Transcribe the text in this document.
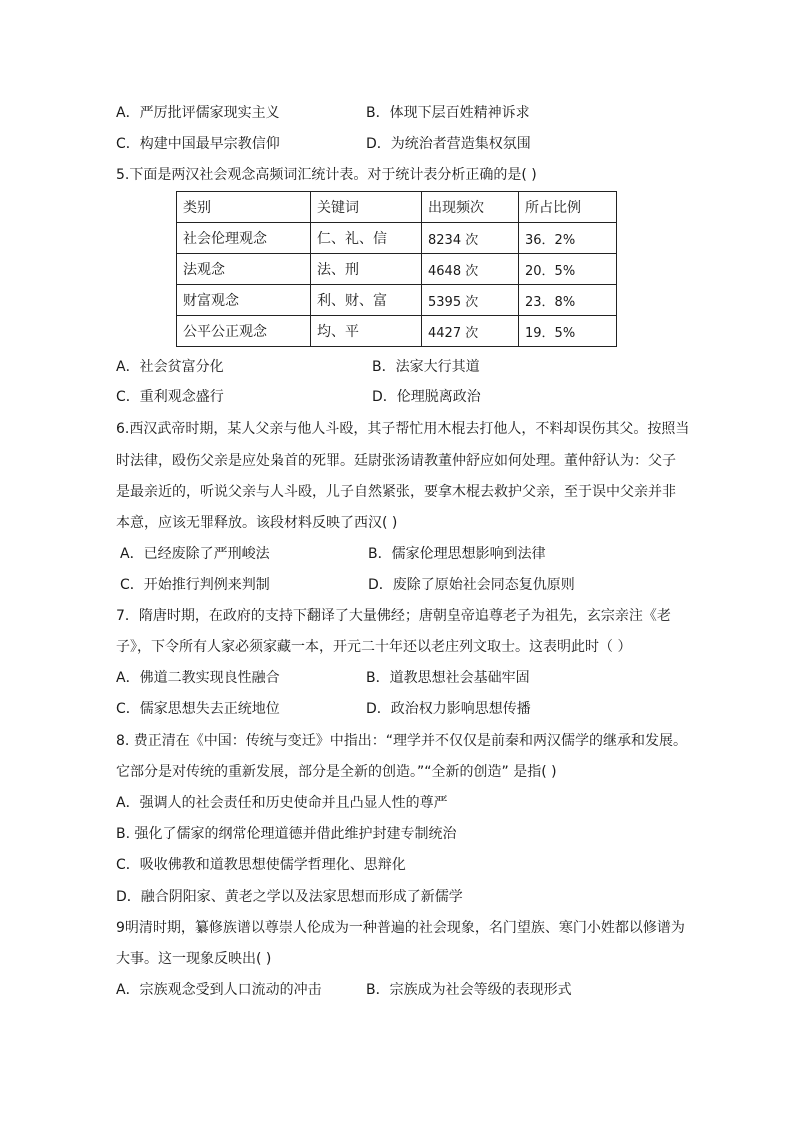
A．严厉批评儒家现实主义	B．体现下层百姓精神诉求
C．构建中国最早宗教信仰	D．为统治者营造集权氛围
5.下面是两汉社会观念高频词汇统计表。对于统计表分析正确的是( )
类别	关键词	出现频次	所占比例
社会伦理观念	仁、礼、信	8234 次	36．2%
法观念	法、刑	4648 次	20．5%
财富观念	利、财、富	5395 次	23．8%
公平公正观念	均、平	4427 次	19．5%
A．社会贫富分化	B．法家大行其道
C．重利观念盛行	D．伦理脱离政治
6.西汉武帝时期，某人父亲与他人斗殴，其子帮忙用木棍去打他人，不料却误伤其父。按照当
时法律，殴伤父亲是应处枭首的死罪。廷尉张汤请教董仲舒应如何处理。董仲舒认为：父子
是最亲近的，听说父亲与人斗殴，儿子自然紧张，要拿木棍去救护父亲，至于误中父亲并非
本意，应该无罪释放。该段材料反映了西汉( )
A．已经废除了严刑峻法	B．儒家伦理思想影响到法律
C．开始推行判例来判制	D．废除了原始社会同态复仇原则
7．隋唐时期，在政府的支持下翻译了大量佛经；唐朝皇帝追尊老子为祖先，玄宗亲注《老
子》，下令所有人家必须家藏一本，开元二十年还以老庄列文取士。这表明此时（ ）
A．佛道二教实现良性融合	B．道教思想社会基础牢固
C．儒家思想失去正统地位	D．政治权力影响思想传播
8. 费正清在《中国：传统与变迁》中指出：“理学并不仅仅是前秦和两汉儒学的继承和发展。
它部分是对传统的重新发展，部分是全新的创造。”“全新的创造” 是指( )
A．强调人的社会责任和历史使命并且凸显人性的尊严
B. 强化了儒家的纲常伦理道德并借此维护封建专制统治
C．吸收佛教和道教思想使儒学哲理化、思辩化
D．融合阴阳家、黄老之学以及法家思想而形成了新儒学
9明清时期，纂修族谱以尊崇人伦成为一种普遍的社会现象，名门望族、寒门小姓都以修谱为
大事。这一现象反映出( )
A．宗族观念受到人口流动的冲击	B．宗族成为社会等级的表现形式
